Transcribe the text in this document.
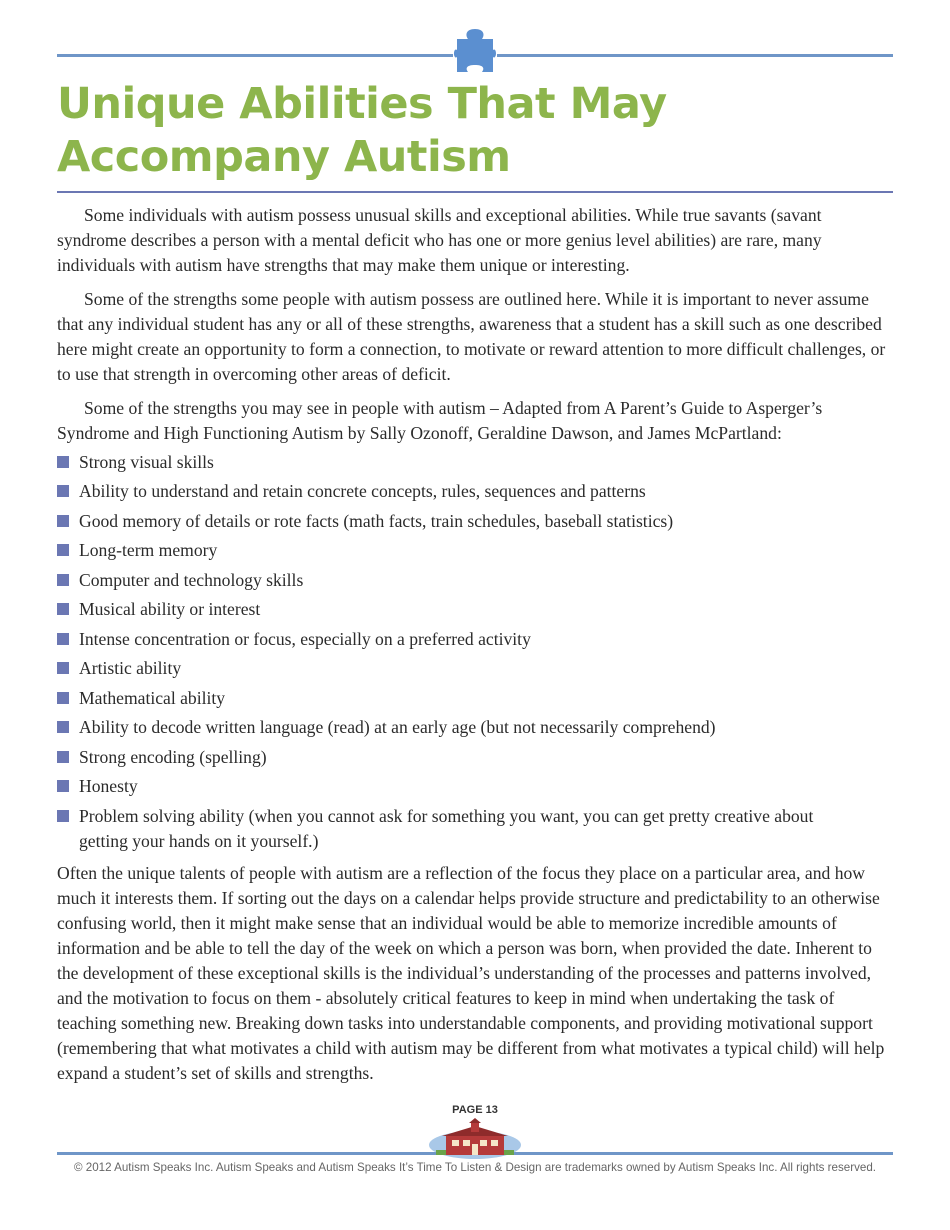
Unique Abilities That May
Accompany Autism

Some individuals with autism possess unusual skills and exceptional abilities. While true savants (savant syndrome describes a person with a mental deficit who has one or more genius level abilities) are rare, many individuals with autism have strengths that may make them unique or interesting.

Some of the strengths some people with autism possess are outlined here. While it is important to never assume that any individual student has any or all of these strengths, awareness that a student has a skill such as one described here might create an opportunity to form a connection, to motivate or reward attention to more difficult challenges, or to use that strength in overcoming other areas of deficit.

Some of the strengths you may see in people with autism – Adapted from A Parent’s Guide to Asperger’s Syndrome and High Functioning Autism by Sally Ozonoff, Geraldine Dawson, and James McPartland:

Strong visual skills
Ability to understand and retain concrete concepts, rules, sequences and patterns
Good memory of details or rote facts (math facts, train schedules, baseball statistics)
Long-term memory
Computer and technology skills
Musical ability or interest
Intense concentration or focus, especially on a preferred activity
Artistic ability
Mathematical ability
Ability to decode written language (read) at an early age (but not necessarily comprehend)
Strong encoding (spelling)
Honesty
Problem solving ability (when you cannot ask for something you want, you can get pretty creative about getting your hands on it yourself.)

Often the unique talents of people with autism are a reflection of the focus they place on a particular area, and how much it interests them. If sorting out the days on a calendar helps provide structure and predictability to an otherwise confusing world, then it might make sense that an individual would be able to memorize incredible amounts of information and be able to tell the day of the week on which a person was born, when provided the date. Inherent to the development of these exceptional skills is the individual’s understanding of the processes and patterns involved, and the motivation to focus on them - absolutely critical features to keep in mind when undertaking the task of teaching something new. Breaking down tasks into understandable components, and providing motivational support (remembering that what motivates a child with autism may be different from what motivates a typical child) will help expand a student’s set of skills and strengths.

PAGE 13
© 2012 Autism Speaks Inc. Autism Speaks and Autism Speaks It’s Time To Listen & Design are trademarks owned by Autism Speaks Inc. All rights reserved.
